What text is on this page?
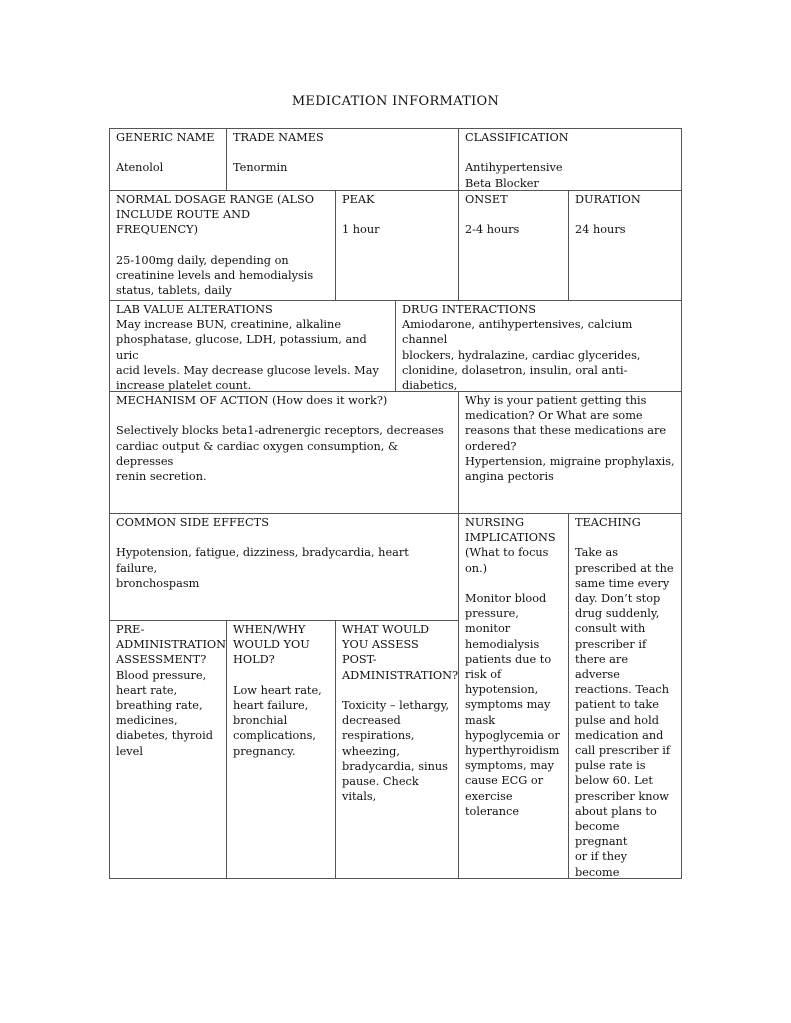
MEDICATION INFORMATION

GENERIC NAME

Atenolol

TRADE NAMES

Tenormin

CLASSIFICATION

Antihypertensive
Beta Blocker

NORMAL DOSAGE RANGE (ALSO
INCLUDE ROUTE AND FREQUENCY)

25-100mg daily, depending on
creatinine levels and hemodialysis
status, tablets, daily

PEAK

1 hour

ONSET

2-4 hours

DURATION

24 hours

LAB VALUE ALTERATIONS

May increase BUN, creatinine, alkaline
phosphatase, glucose, LDH, potassium, and uric
acid levels. May decrease glucose levels. May
increase platelet count.

DRUG INTERACTIONS

Amiodarone, antihypertensives, calcium channel
blockers, hydralazine, cardiac glycerides,
clonidine, dolasetron, insulin, oral anti-diabetics,

MECHANISM OF ACTION (How does it work?)

Selectively blocks beta1-adrenergic receptors, decreases
cardiac output & cardiac oxygen consumption, & depresses
renin secretion.

Why is your patient getting this
medication? Or What are some
reasons that these medications are
ordered?

Hypertension, migraine prophylaxis,
angina pectoris

COMMON SIDE EFFECTS

Hypotension, fatigue, dizziness, bradycardia, heart failure,
bronchospasm

NURSING
IMPLICATIONS
(What to focus
on.)

Monitor blood
pressure,
monitor
hemodialysis
patients due to
risk of
hypotension,
symptoms may
mask
hypoglycemia or
hyperthyroidism
symptoms, may
cause ECG or
exercise
tolerance

TEACHING

Take as
prescribed at the
same time every
day. Don’t stop
drug suddenly,
consult with
prescriber if
there are adverse
reactions. Teach
patient to take
pulse and hold
medication and
call prescriber if
pulse rate is
below 60. Let
prescriber know
about plans to
become pregnant
or if they become

PRE-
ADMINISTRATION
ASSESSMENT?

Blood pressure,
heart rate,
breathing rate,
medicines,
diabetes, thyroid
level

WHEN/WHY
WOULD YOU
HOLD?

Low heart rate,
heart failure,
bronchial
complications,
pregnancy.

WHAT WOULD
YOU ASSESS POST-
ADMINISTRATION?

Toxicity – lethargy,
decreased
respirations,
wheezing,
bradycardia, sinus
pause. Check vitals,
